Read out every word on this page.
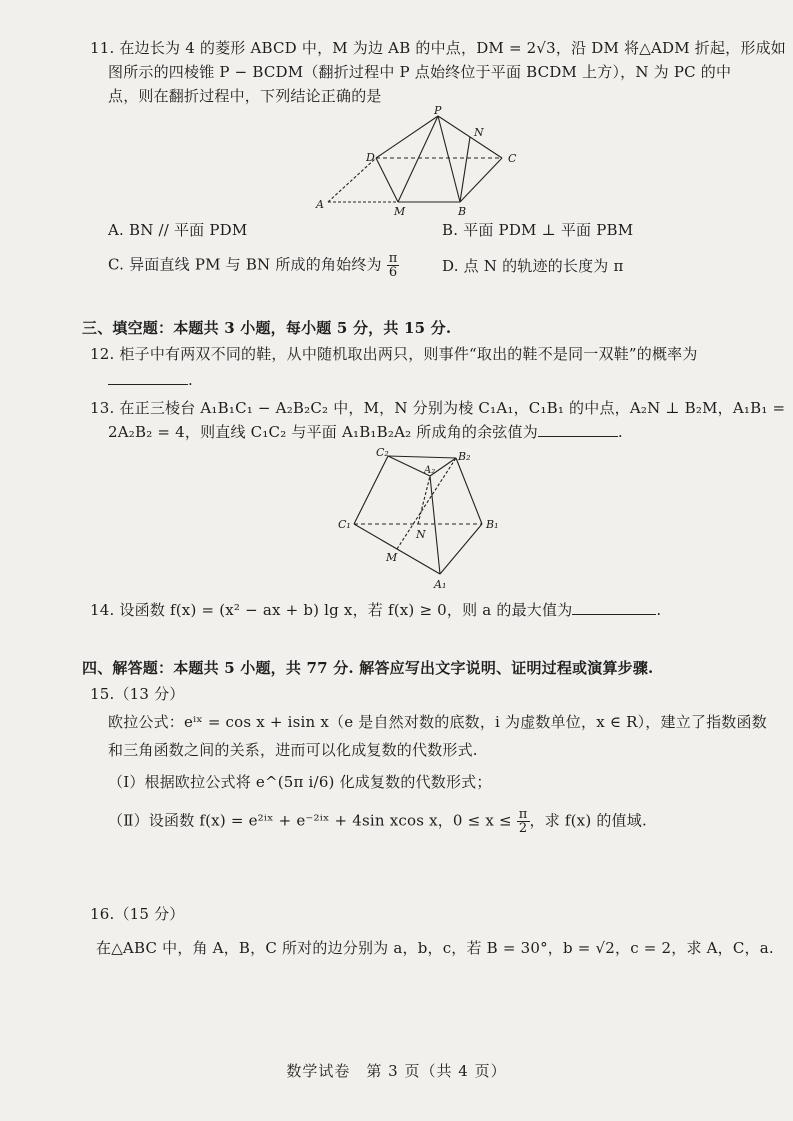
11. 在边长为 4 的菱形 ABCD 中，M 为边 AB 的中点，DM = 2√3，沿 DM 将△ADM 折起，形成如
图所示的四棱锥 P − BCDM（翻折过程中 P 点始终位于平面 BCDM 上方），N 为 PC 的中
点，则在翻折过程中，下列结论正确的是
P
N
D	C
A
M	B
A. BN // 平面 PDM	B. 平面 PDM ⊥ 平面 PBM
C. 异面直线 PM 与 BN 所成的角始终为 $\frac{\pi}{6}$	D. 点 N 的轨迹的长度为 π
三、填空题：本题共 3 小题，每小题 5 分，共 15 分.
12. 柜子中有两双不同的鞋，从中随机取出两只，则事件“取出的鞋不是同一双鞋”的概率为
.
13. 在正三棱台 A₁B₁C₁ − A₂B₂C₂ 中，M，N 分别为棱 C₁A₁，C₁B₁ 的中点，A₂N ⊥ B₂M，A₁B₁ =
2A₂B₂ = 4，则直线 C₁C₂ 与平面 A₁B₁B₂A₂ 所成角的余弦值为	.
C₂
A₂
B₂
C₁
N
B₁
M
A₁
14. 设函数 f(x) = (x² − ax + b) lg x，若 f(x) ≥ 0，则 a 的最大值为	.
四、解答题：本题共 5 小题，共 77 分. 解答应写出文字说明、证明过程或演算步骤.
15.（13 分）
欧拉公式：eⁱˣ = cos x + isin x（e 是自然对数的底数，i 为虚数单位，x ∈ R），建立了指数函数
和三角函数之间的关系，进而可以化成复数的代数形式.
（Ⅰ）根据欧拉公式将 e^(5π i/6) 化成复数的代数形式；
（Ⅱ）设函数 f(x) = e²ⁱˣ + e⁻²ⁱˣ + 4sin xcos x，$0 \le x \le \frac{\pi}{2}$ ，求 f(x) 的值域.
16.（15 分）
在△ABC 中，角 A，B，C 所对的边分别为 a，b，c，若 B = 30°，b = √2，c = 2，求 A，C，a.
数学试卷　第 3 页（共 4 页）
